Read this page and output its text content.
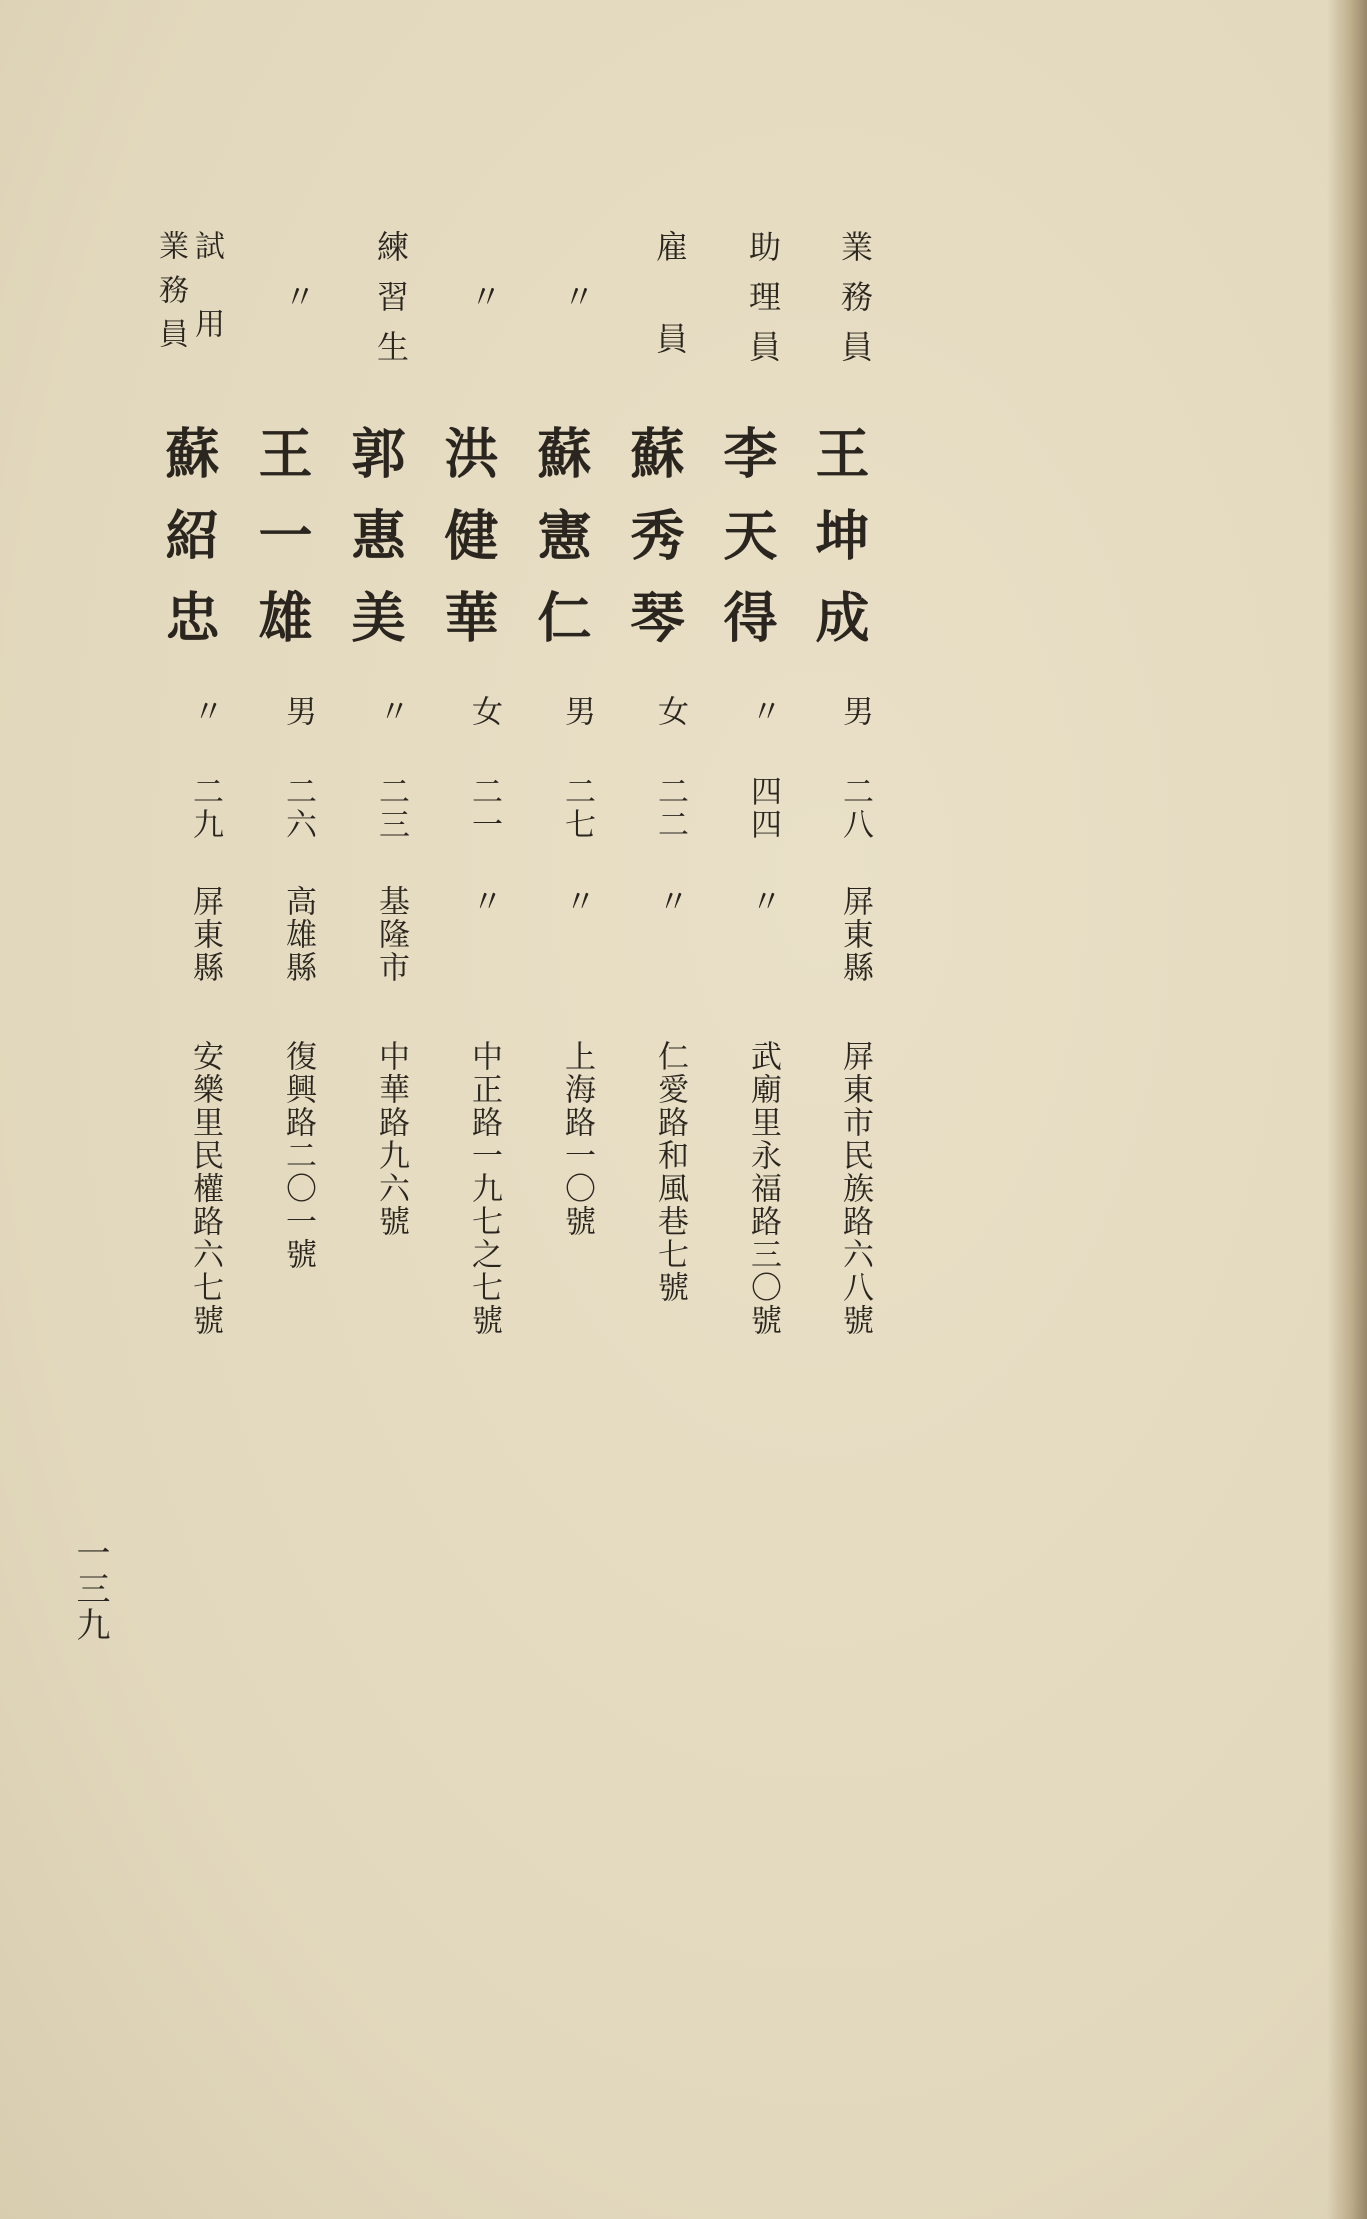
業務員
王坤成
男
二八
屏東縣
屏東市民族路六八號
助理員
李天得
〃
四四
〃
武廟里永福路三〇號
雇員
蘇秀琴
女
二二
〃
仁愛路和風巷七號
〃
蘇憲仁
男
二七
〃
上海路一〇號
〃
洪健華
女
二一
〃
中正路一九七之七號
練習生
郭惠美
〃
二三
基隆市
中華路九六號
〃
王一雄
男
二六
高雄縣
復興路二〇一號
試用
業務員
蘇紹忠
〃
二九
屏東縣
安樂里民權路六七號
一三九
